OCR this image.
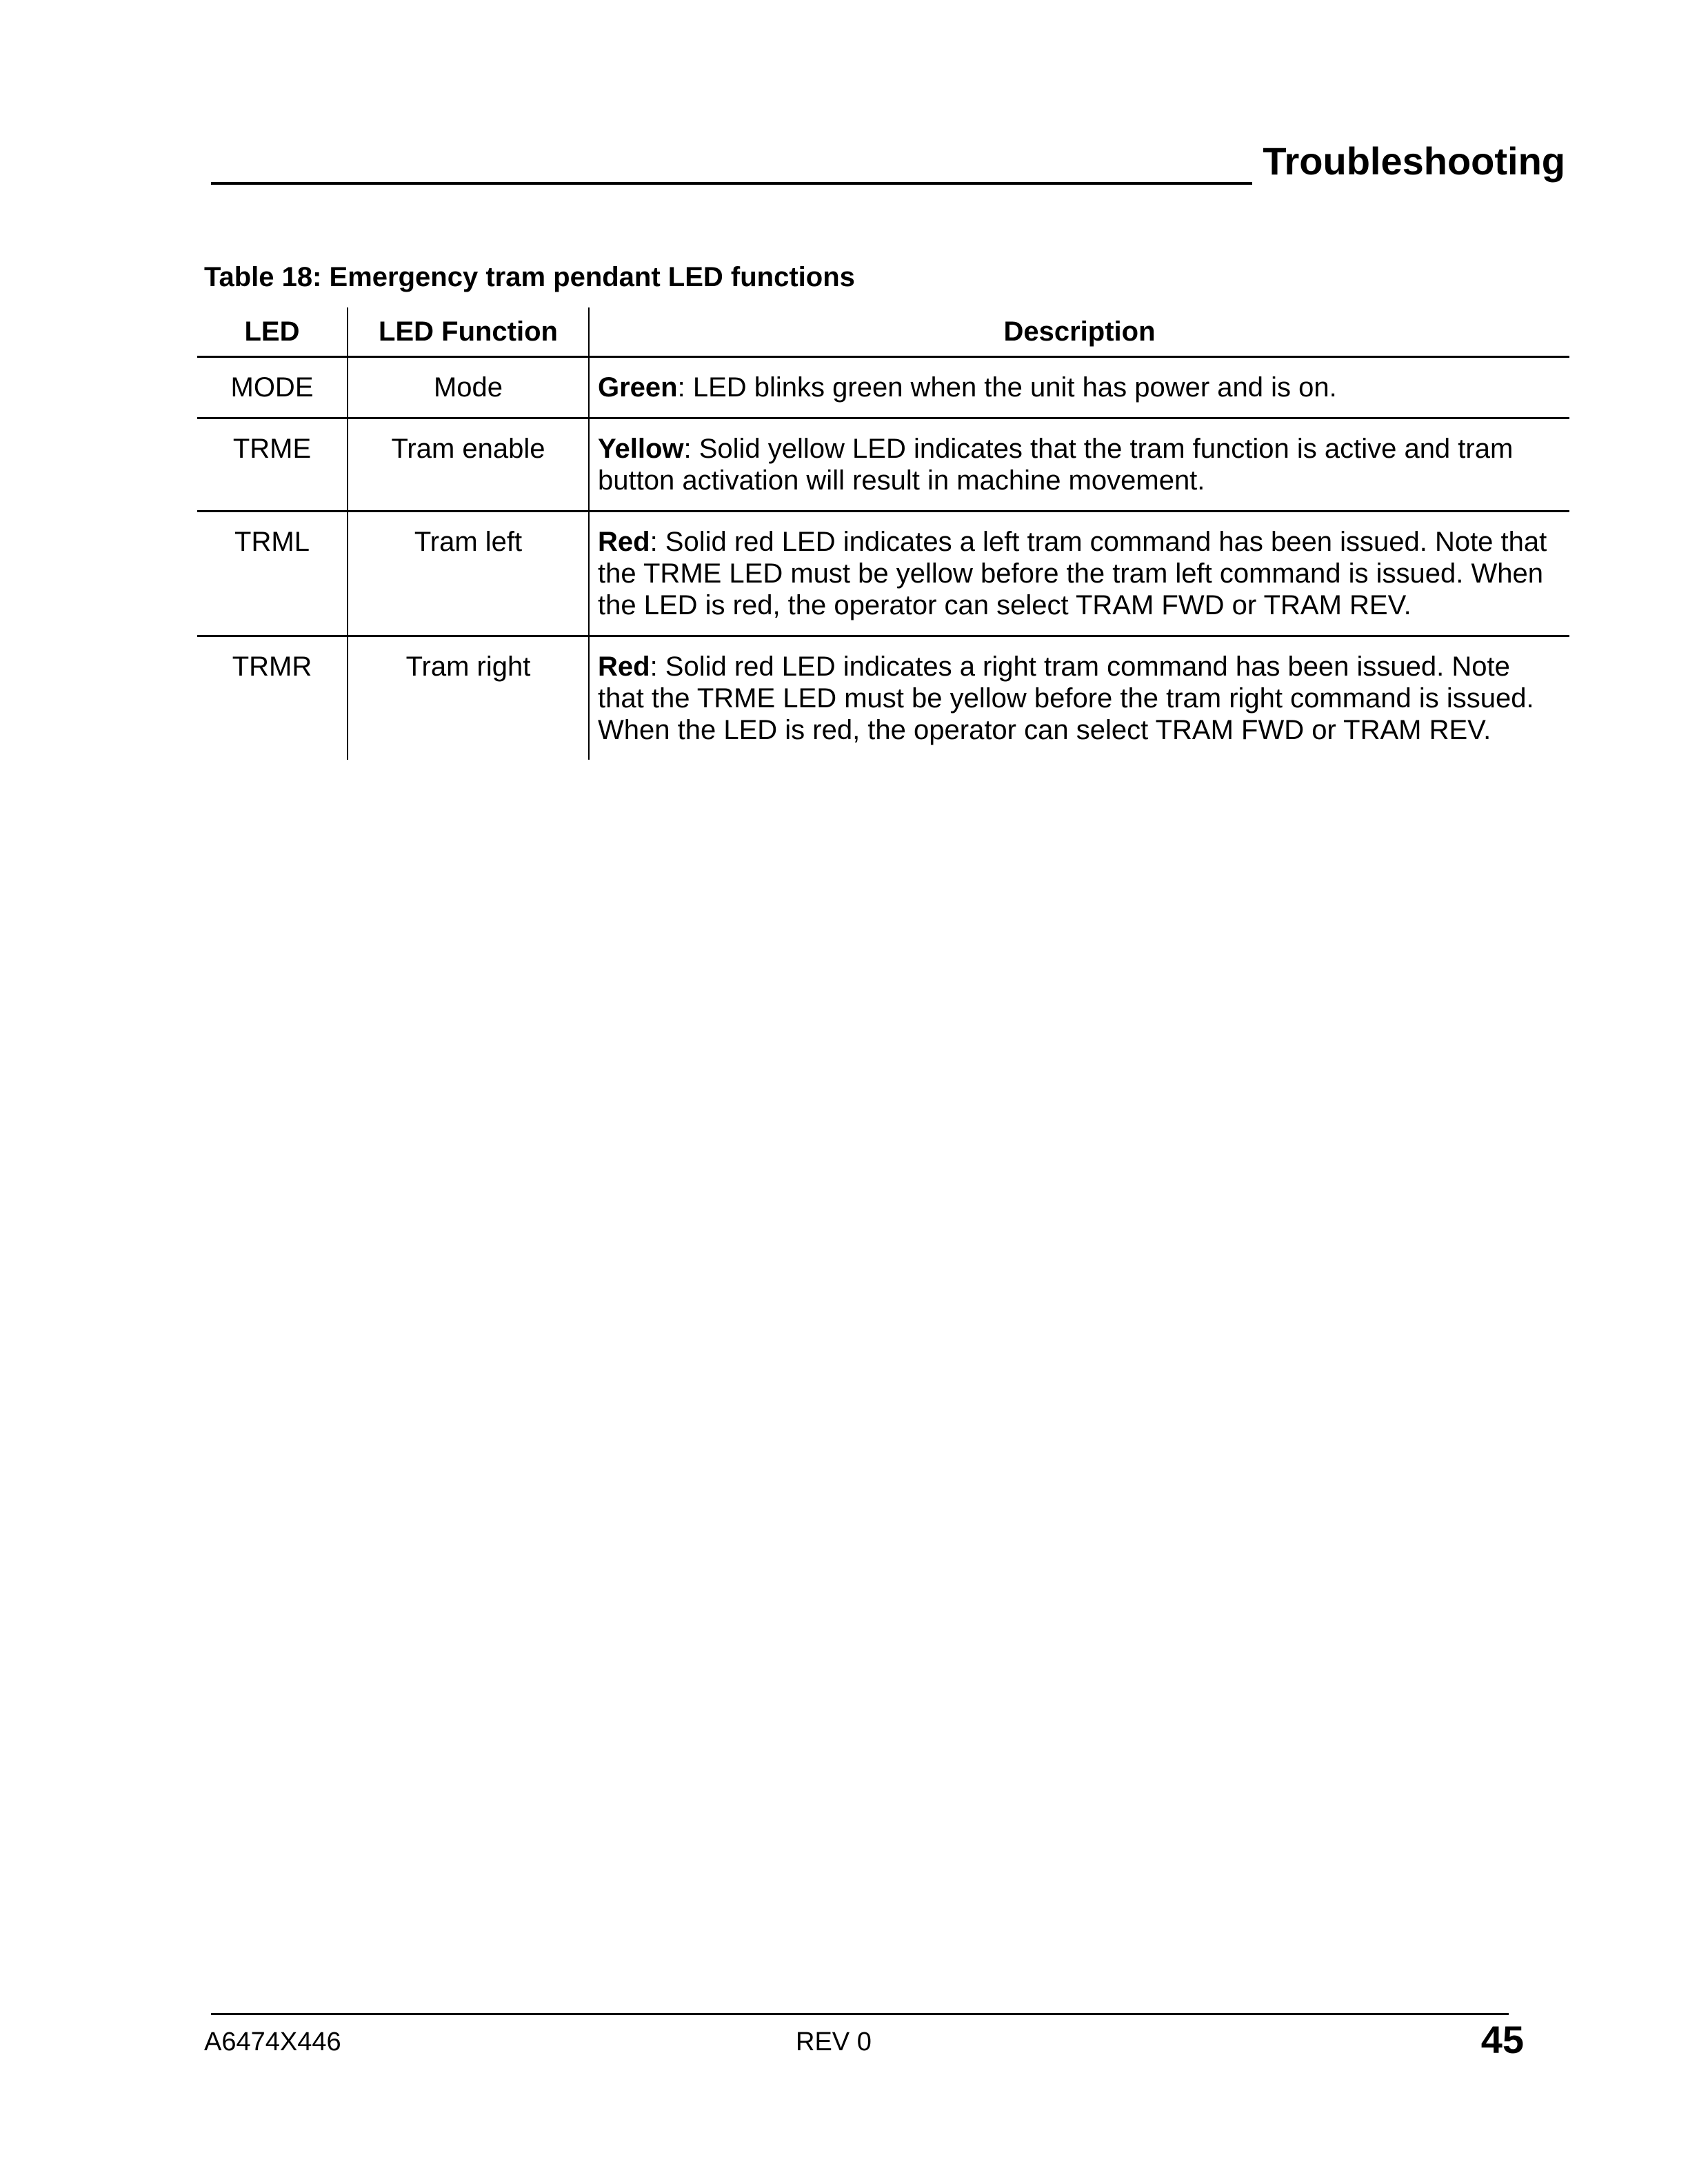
Troubleshooting
Table 18: Emergency tram pendant LED functions
LED	LED Function	Description
MODE	Mode	Green: LED blinks green when the unit has power and is on.
TRME	Tram enable	Yellow: Solid yellow LED indicates that the tram function is active and tram button activation will result in machine movement.
TRML	Tram left	Red: Solid red LED indicates a left tram command has been issued. Note that the TRME LED must be yellow before the tram left command is issued. When the LED is red, the operator can select TRAM FWD or TRAM REV.
TRMR	Tram right	Red: Solid red LED indicates a right tram command has been issued. Note that the TRME LED must be yellow before the tram right command is issued. When the LED is red, the operator can select TRAM FWD or TRAM REV.
A6474X446	REV 0	45
